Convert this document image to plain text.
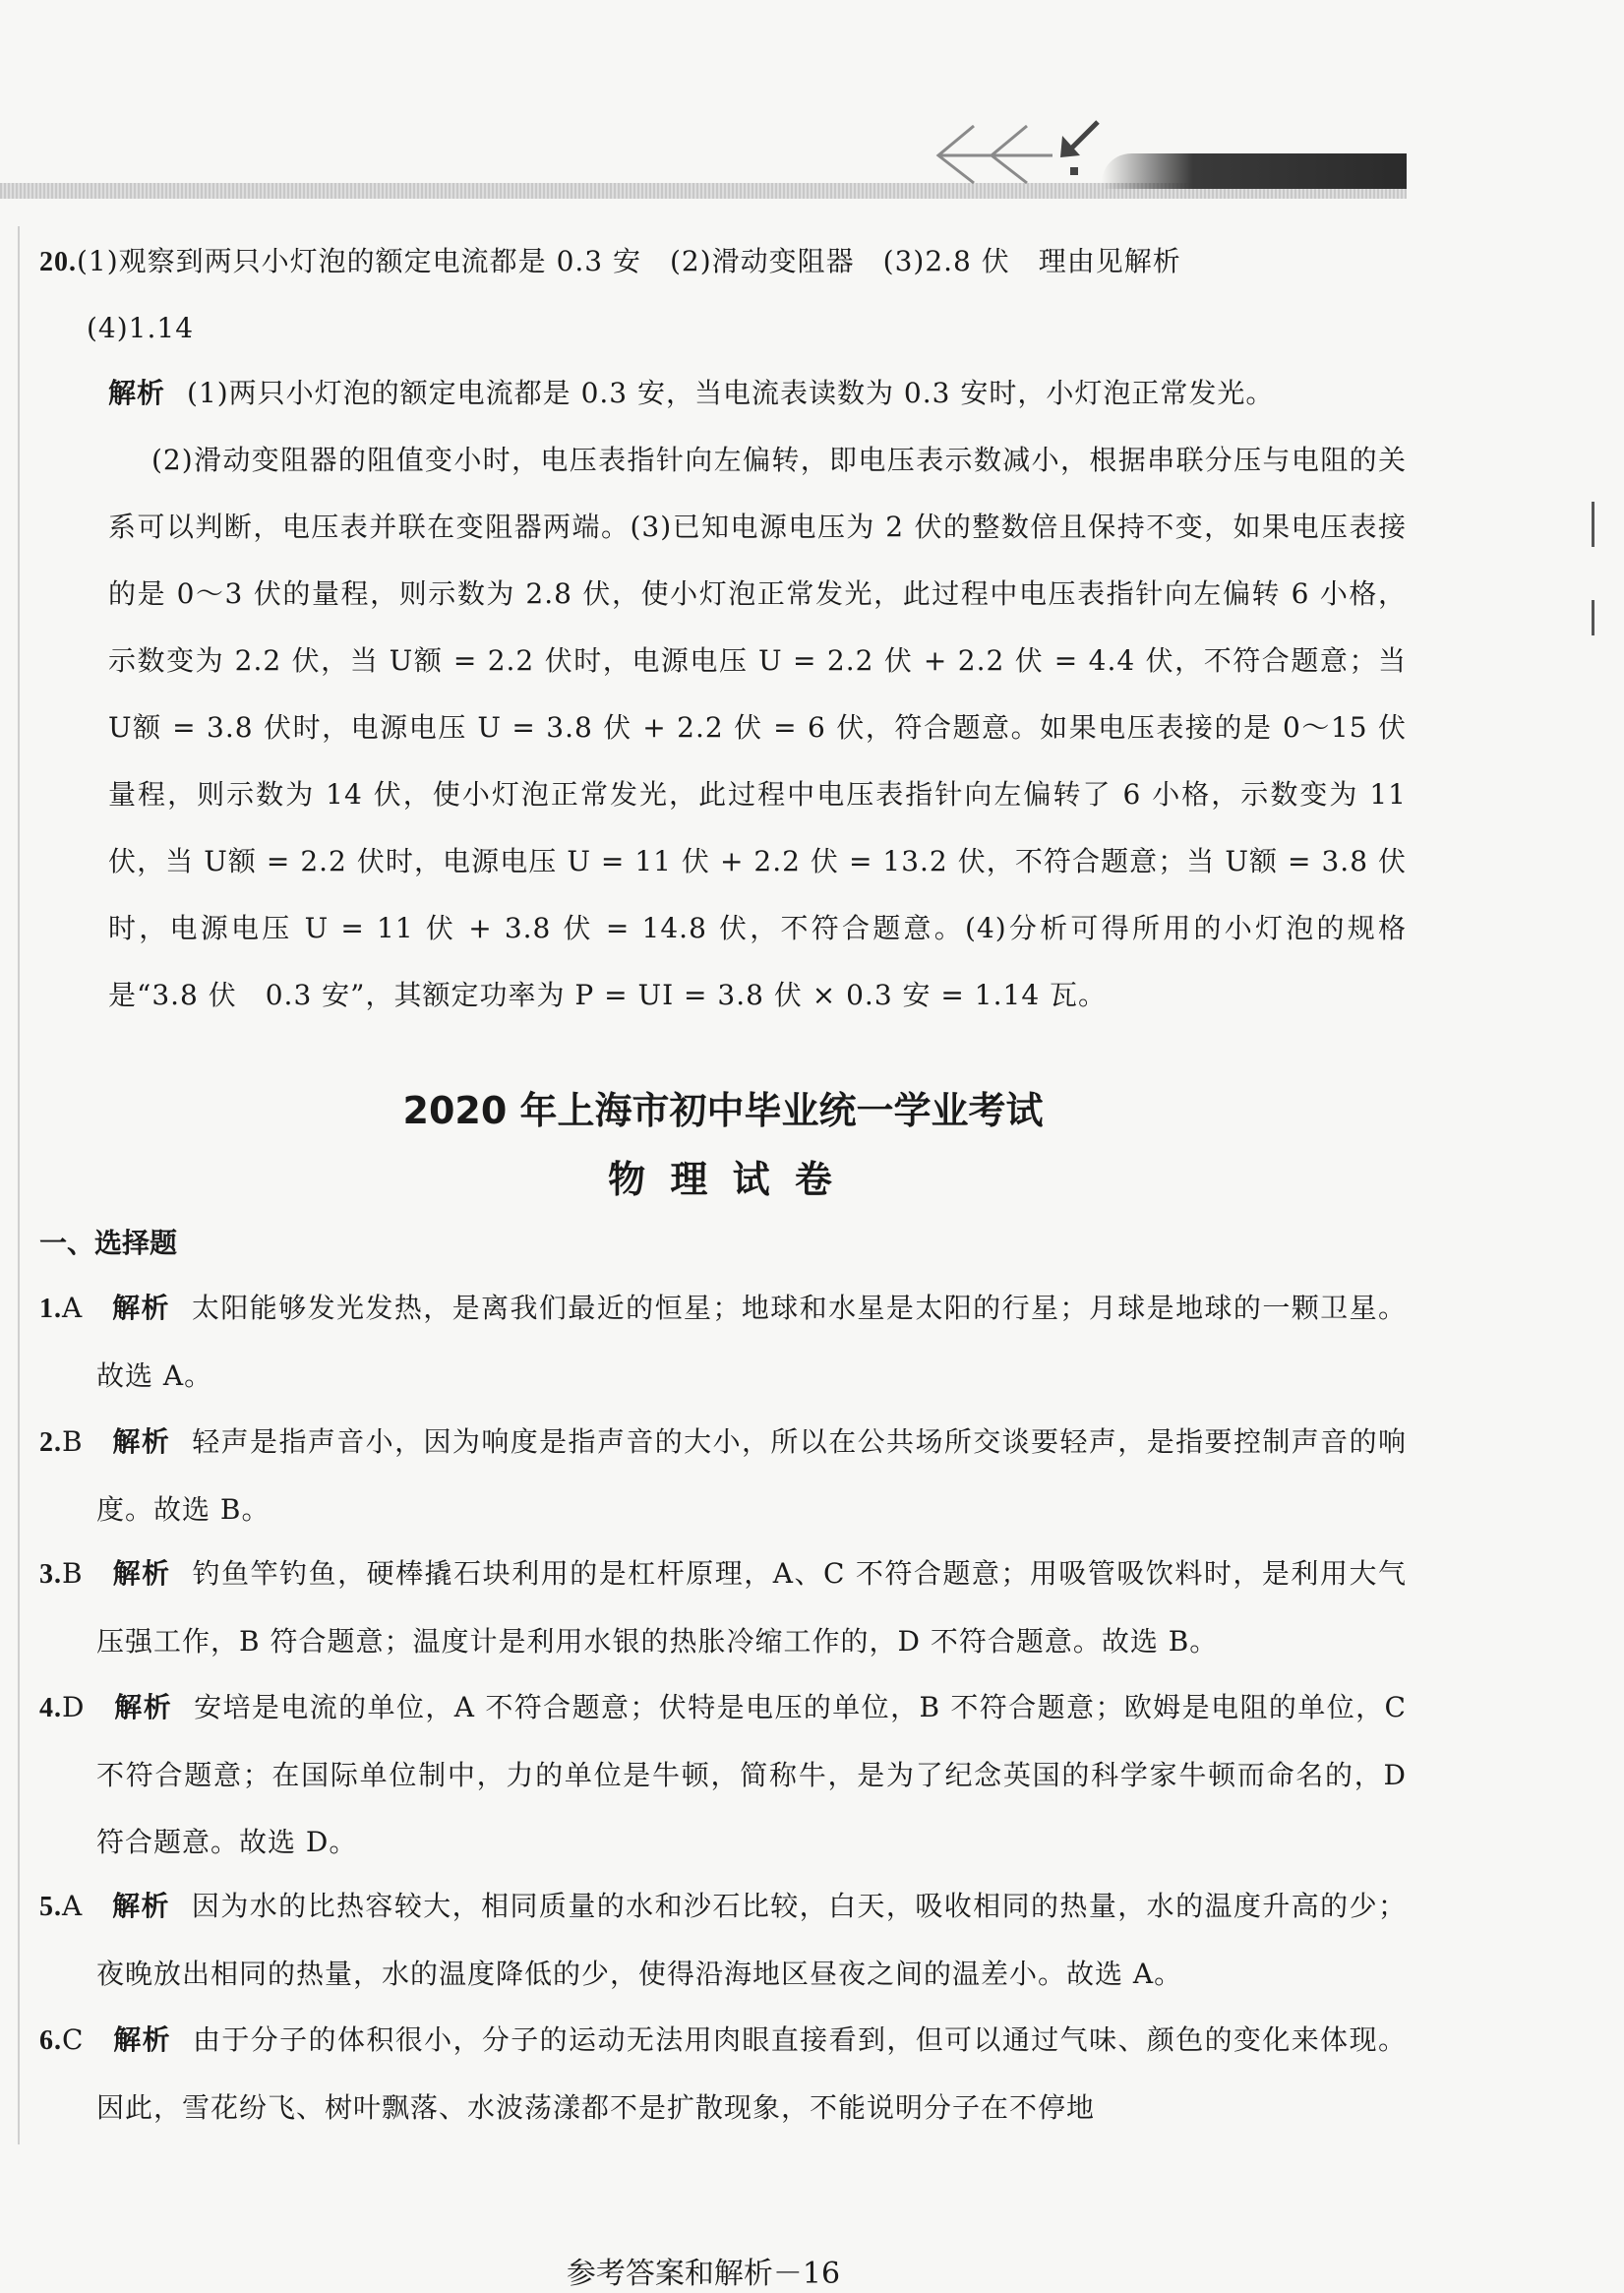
20.(1)观察到两只小灯泡的额定电流都是 0.3 安　(2)滑动变阻器　(3)2.8 伏　理由见解析
(4)1.14
解析 (1)两只小灯泡的额定电流都是 0.3 安，当电流表读数为 0.3 安时，小灯泡正常发光。
(2)滑动变阻器的阻值变小时，电压表指针向左偏转，即电压表示数减小，根据串联分压与电阻的关系可以判断，电压表并联在变阻器两端。(3)已知电源电压为 2 伏的整数倍且保持不变，如果电压表接的是 0～3 伏的量程，则示数为 2.8 伏，使小灯泡正常发光，此过程中电压表指针向左偏转 6 小格，示数变为 2.2 伏，当 U额 = 2.2 伏时，电源电压 U = 2.2 伏 + 2.2 伏 = 4.4 伏，不符合题意；当 U额 = 3.8 伏时，电源电压 U = 3.8 伏 + 2.2 伏 = 6 伏，符合题意。如果电压表接的是 0～15 伏量程，则示数为 14 伏，使小灯泡正常发光，此过程中电压表指针向左偏转了 6 小格，示数变为 11 伏，当 U额 = 2.2 伏时，电源电压 U = 11 伏 + 2.2 伏 = 13.2 伏，不符合题意；当 U额 = 3.8 伏时，电源电压 U = 11 伏 + 3.8 伏 = 14.8 伏，不符合题意。(4)分析可得所用的小灯泡的规格是“3.8 伏　0.3 安”，其额定功率为 P = UI = 3.8 伏 × 0.3 安 = 1.14 瓦。
2020 年上海市初中毕业统一学业考试
物 理 试 卷
一、选择题
1.A　 解析 太阳能够发光发热，是离我们最近的恒星；地球和水星是太阳的行星；月球是地球的一颗卫星。故选 A。
2.B　 解析 轻声是指声音小，因为响度是指声音的大小，所以在公共场所交谈要轻声，是指要控制声音的响度。故选 B。
3.B　 解析 钓鱼竿钓鱼，硬棒撬石块利用的是杠杆原理，A、C 不符合题意；用吸管吸饮料时，是利用大气压强工作，B 符合题意；温度计是利用水银的热胀冷缩工作的，D 不符合题意。故选 B。
4.D　 解析 安培是电流的单位，A 不符合题意；伏特是电压的单位，B 不符合题意；欧姆是电阻的单位，C 不符合题意；在国际单位制中，力的单位是牛顿，简称牛，是为了纪念英国的科学家牛顿而命名的，D 符合题意。故选 D。
5.A　 解析 因为水的比热容较大，相同质量的水和沙石比较，白天，吸收相同的热量，水的温度升高的少；夜晚放出相同的热量，水的温度降低的少，使得沿海地区昼夜之间的温差小。故选 A。
6.C　 解析 由于分子的体积很小，分子的运动无法用肉眼直接看到，但可以通过气味、颜色的变化来体现。因此，雪花纷飞、树叶飘落、水波荡漾都不是扩散现象，不能说明分子在不停地
参考答案和解析－16
